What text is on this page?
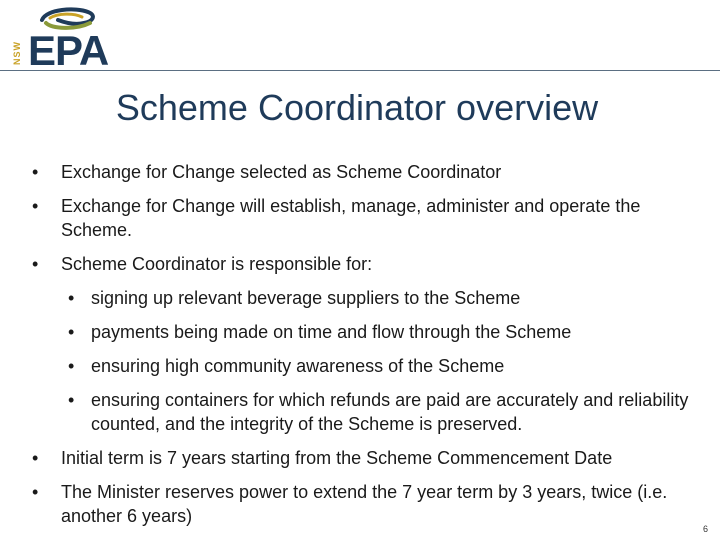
NSW EPA
Scheme Coordinator overview
• Exchange for Change selected as Scheme Coordinator
• Exchange for Change will establish, manage, administer and operate the Scheme.
• Scheme Coordinator is responsible for:
• signing up relevant beverage suppliers to the Scheme
• payments being made on time and flow through the Scheme
• ensuring high community awareness of the Scheme
• ensuring containers for which refunds are paid are accurately and reliability counted, and the integrity of the Scheme is preserved.
• Initial term is 7 years starting from the Scheme Commencement Date
• The Minister reserves power to extend the 7 year term by 3 years, twice (i.e. another 6 years)
6
